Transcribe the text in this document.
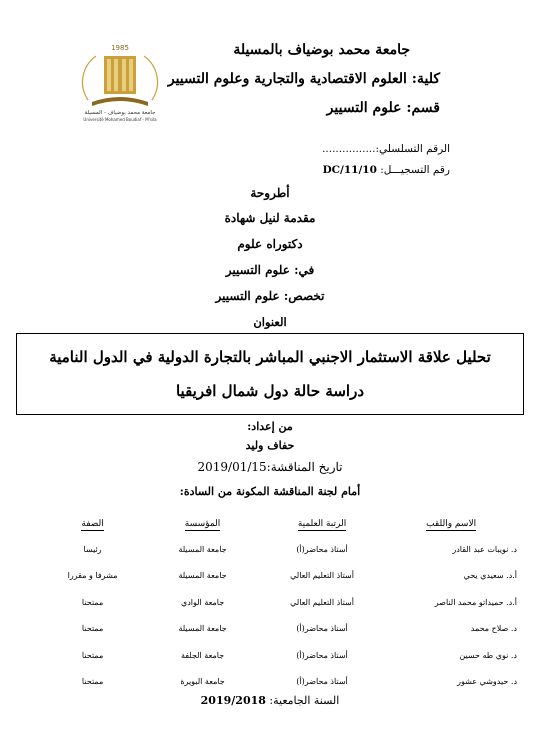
جامعة محمد بوضياف بالمسيلة
كلية: العلوم الاقتصادية والتجارية وعلوم التسيير
قسم: علوم التسيير
1985
جامعة محمد بوضياف - المسيلة
Université Mohamed Boudiaf - M'sila
الرقم التسلسلي:................
رقم التسجيـــل: DC/11/10
أطروحة
مقدمة لنيل شهادة
دكتوراه علوم
في: علوم التسيير
تخصص: علوم التسيير
العنوان
تحليل علاقة الاستثمار الاجنبي المباشر بالتجارة الدولية في الدول النامية
دراسة حالة دول شمال افريقيا
من إعداد:
حفاف وليد
تاريخ المناقشة:2019/01/15
أمام لجنة المناقشة المكونة من السادة:
الاسم واللقب	الرتبة العلمية	المؤسسة	الصفة
د. نويبات عبد القادر	أستاذ محاضر(أ)	جامعة المسيلة	رئيسا
أ.د. سعيدي يحي	أستاذ التعليم العالي	جامعة المسيلة	مشرفا و مقررا
أ.د. حميداتو محمد الناصر	أستاذ التعليم العالي	جامعة الوادي	ممتحنا
د. صلاح محمد	أستاذ محاضر(أ)	جامعة المسيلة	ممتحنا
د. نوي طه حسين	أستاذ محاضر(أ)	جامعة الجلفة	ممتحنا
د. حيدوشي عشور	أستاذ محاضر(أ)	جامعة البويرة	ممتحنا
السنة الجامعية: 2019/2018
